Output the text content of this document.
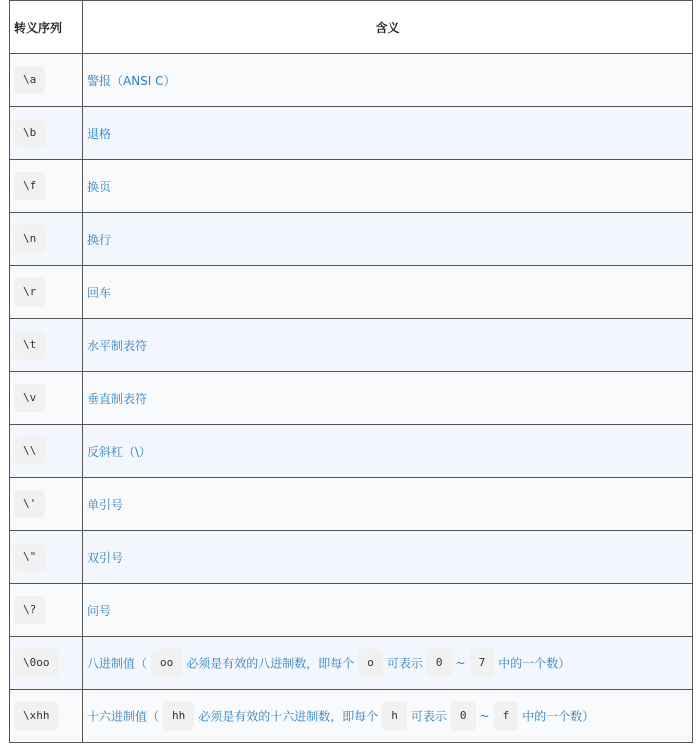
转义序列	含义
\a	警报（ANSI C）
\b	退格
\f	换页
\n	换行
\r	回车
\t	水平制表符
\v	垂直制表符
\\	反斜杠（\）
\'	单引号
\"	双引号
\?	问号
\0oo	八进制值（ oo 必须是有效的八进制数，即每个 o 可表示 0 ~ 7 中的一个数）
\xhh	十六进制值（ hh 必须是有效的十六进制数，即每个 h 可表示 0 ~ f 中的一个数）
